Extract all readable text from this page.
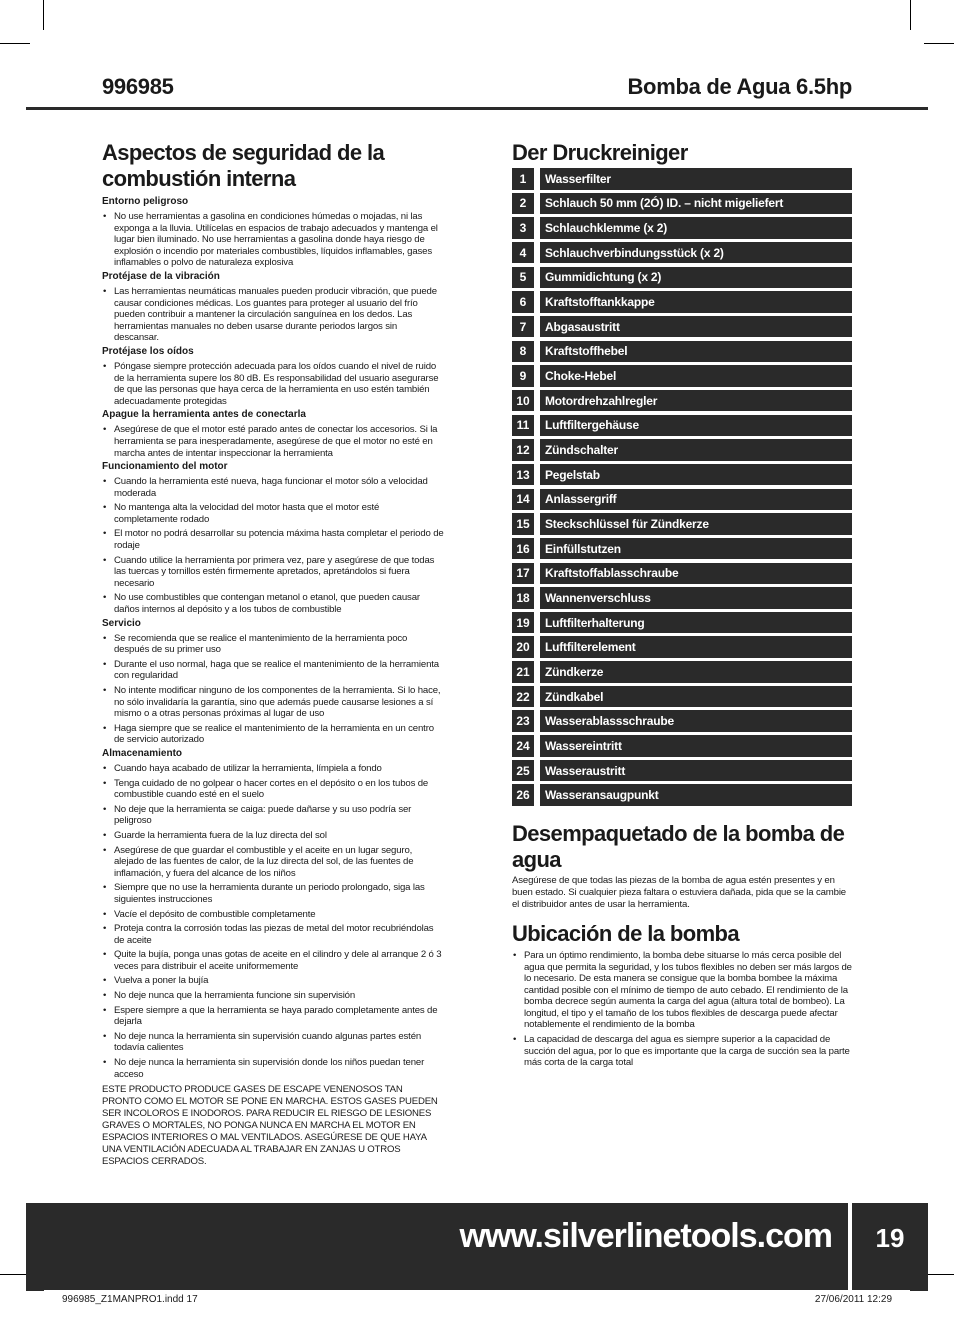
996985	Bomba de Agua 6.5hp
Aspectos de seguridad de la combustión interna
Entorno peligroso
• No use herramientas a gasolina en condiciones húmedas o mojadas, ni las exponga a la lluvia. Utilícelas en espacios de trabajo adecuados y mantenga el lugar bien iluminado. No use herramientas a gasolina donde haya riesgo de explosión o incendio por materiales combustibles, líquidos inflamables, gases inflamables o polvo de naturaleza explosiva
Protéjase de la vibración
• Las herramientas neumáticas manuales pueden producir vibración, que puede causar condiciones médicas. Los guantes para proteger al usuario del frío pueden contribuir a mantener la circulación sanguínea en los dedos. Las herramientas manuales no deben usarse durante periodos largos sin descansar.
Protéjase los oídos
• Póngase siempre protección adecuada para los oídos cuando el nivel de ruido de la herramienta supere los 80 dB. Es responsabilidad del usuario asegurarse de que las personas que haya cerca de la herramienta en uso estén también adecuadamente protegidas
Apague la herramienta antes de conectarla
• Asegúrese de que el motor esté parado antes de conectar los accesorios. Si la herramienta se para inesperadamente, asegúrese de que el motor no esté en marcha antes de intentar inspeccionar la herramienta
Funcionamiento del motor
• Cuando la herramienta esté nueva, haga funcionar el motor sólo a velocidad moderada
• No mantenga alta la velocidad del motor hasta que el motor esté completamente rodado
• El motor no podrá desarrollar su potencia máxima hasta completar el periodo de rodaje
• Cuando utilice la herramienta por primera vez, pare y asegúrese de que todas las tuercas y tornillos estén firmemente apretados, apretándolos si fuera necesario
• No use combustibles que contengan metanol o etanol, que pueden causar daños internos al depósito y a los tubos de combustible
Servicio
• Se recomienda que se realice el mantenimiento de la herramienta poco después de su primer uso
• Durante el uso normal, haga que se realice el mantenimiento de la herramienta con regularidad
• No intente modificar ninguno de los componentes de la herramienta. Si lo hace, no sólo invalidaría la garantía, sino que además puede causarse lesiones a sí mismo o a otras personas próximas al lugar de uso
• Haga siempre que se realice el mantenimiento de la herramienta en un centro de servicio autorizado
Almacenamiento
• Cuando haya acabado de utilizar la herramienta, límpiela a fondo
• Tenga cuidado de no golpear o hacer cortes en el depósito o en los tubos de combustible cuando esté en el suelo
• No deje que la herramienta se caiga: puede dañarse y su uso podría ser peligroso
• Guarde la herramienta fuera de la luz directa del sol
• Asegúrese de que guardar el combustible y el aceite en un lugar seguro, alejado de las fuentes de calor, de la luz directa del sol, de las fuentes de inflamación, y fuera del alcance de los niños
• Siempre que no use la herramienta durante un periodo prolongado, siga las siguientes instrucciones
• Vacíe el depósito de combustible completamente
• Proteja contra la corrosión todas las piezas de metal del motor recubriéndolas de aceite
• Quite la bujía, ponga unas gotas de aceite en el cilindro y dele al arranque 2 ó 3 veces para distribuir el aceite uniformemente
• Vuelva a poner la bujía
• No deje nunca que la herramienta funcione sin supervisión
• Espere siempre a que la herramienta se haya parado completamente antes de dejarla
• No deje nunca la herramienta sin supervisión cuando algunas partes estén todavía calientes
• No deje nunca la herramienta sin supervisión donde los niños puedan tener acceso
ESTE PRODUCTO PRODUCE GASES DE ESCAPE VENENOSOS TAN PRONTO COMO EL MOTOR SE PONE EN MARCHA. ESTOS GASES PUEDEN SER INCOLOROS E INODOROS. PARA REDUCIR EL RIESGO DE LESIONES GRAVES O MORTALES, NO PONGA NUNCA EN MARCHA EL MOTOR EN ESPACIOS INTERIORES O MAL VENTILADOS. ASEGÚRESE DE QUE HAYA UNA VENTILACIÓN ADECUADA AL TRABAJAR EN ZANJAS U OTROS ESPACIOS CERRADOS.
Der Druckreiniger
1	Wasserfilter
2	Schlauch 50 mm (2Ó) ID. – nicht migeliefert
3	Schlauchklemme (x 2)
4	Schlauchverbindungsstück (x 2)
5	Gummidichtung (x 2)
6	Kraftstofftankkappe
7	Abgasaustritt
8	Kraftstoffhebel
9	Choke-Hebel
10	Motordrehzahlregler
11	Luftfiltergehäuse
12	Zündschalter
13	Pegelstab
14	Anlassergriff
15	Steckschlüssel für Zündkerze
16	Einfüllstutzen
17	Kraftstoffablasschraube
18	Wannenverschluss
19	Luftfilterhalterung
20	Luftfilterelement
21	Zündkerze
22	Zündkabel
23	Wasserablassschraube
24	Wassereintritt
25	Wasseraustritt
26	Wasseransaugpunkt
Desempaquetado de la bomba de agua
Asegúrese de que todas las piezas de la bomba de agua estén presentes y en buen estado. Si cualquier pieza faltara o estuviera dañada, pida que se la cambie el distribuidor antes de usar la herramienta.
Ubicación de la bomba
• Para un óptimo rendimiento, la bomba debe situarse lo más cerca posible del agua que permita la seguridad, y los tubos flexibles no deben ser más largos de lo necesario. De esta manera se consigue que la bomba bombee la máxima cantidad posible con el mínimo de tiempo de auto cebado. El rendimiento de la bomba decrece según aumenta la carga del agua (altura total de bombeo). La longitud, el tipo y el tamaño de los tubos flexibles de descarga puede afectar notablemente el rendimiento de la bomba
• La capacidad de descarga del agua es siempre superior a la capacidad de succión del agua, por lo que es importante que la carga de succión sea la parte más corta de la carga total
www.silverlinetools.com	19
996985_Z1MANPRO1.indd 17	27/06/2011 12:29
